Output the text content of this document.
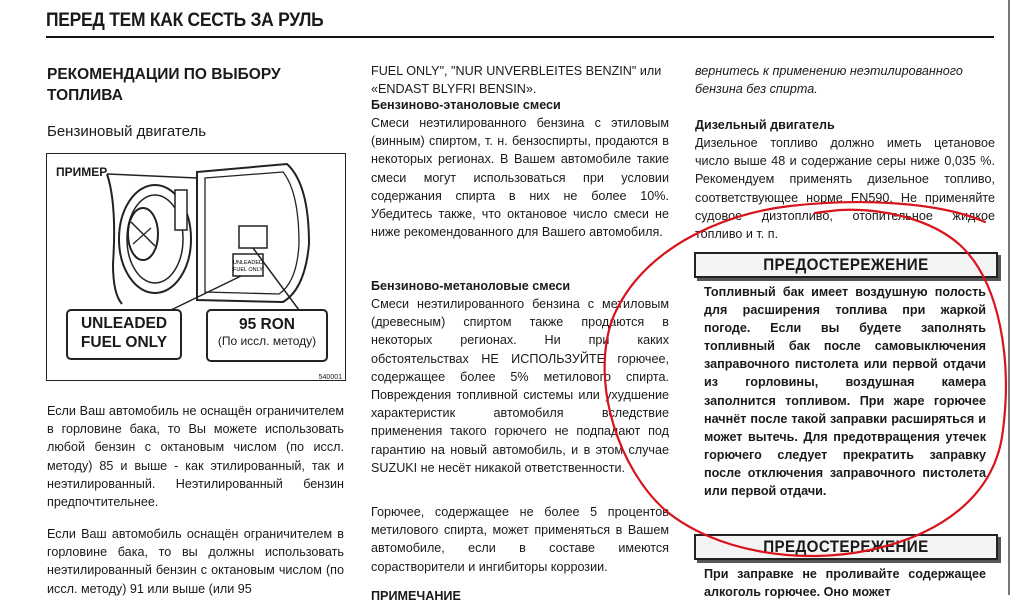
ПЕРЕД ТЕМ КАК СЕСТЬ ЗА РУЛЬ
РЕКОМЕНДАЦИИ ПО ВЫБОРУ
ТОПЛИВА
Бензиновый двигатель
ПРИМЕР
UNLEADED
FUEL ONLY
UNLEADED
FUEL ONLY
95 RON
(По иссл. методу)
540001
Если Ваш автомобиль не оснащён ограничителем в горловине бака, то Вы можете использовать любой бензин с октановым числом (по иссл. методу) 85 и выше - как этилированный, так и неэтилированный. Неэтилированный бензин предпочтительнее.
Если Ваш автомобиль оснащён ограничителем в горловине бака, то вы должны использовать неэтилированный бензин с октановым числом (по иссл. методу) 91 или выше (или 95
FUEL ONLY", "NUR UNVERBLEITES BENZIN" или «ENDAST BLYFRI BENSIN».
Бензиново-этаноловые смеси
Смеси неэтилированного бензина с этиловым (винным) спиртом, т. н. бензоспирты, продаются в некоторых регионах. В Вашем автомобиле такие смеси могут использоваться при условии содержания спирта в них не более 10%. Убедитесь также, что октановое число смеси не ниже рекомендованного для Вашего автомобиля.
Бензиново-метаноловые смеси
Смеси неэтилированного бензина с метиловым (древесным) спиртом также продаются в некоторых регионах. Ни при каких обстоятельствах НЕ ИСПОЛЬЗУЙТЕ горючее, содержащее более 5% метилового спирта. Повреждения топливной системы или ухудшение характеристик автомобиля вследствие применения такого горючего не подпадают под гарантию на новый автомобиль, и в этом случае SUZUKI не несёт никакой ответственности.
Горючее, содержащее не более 5 процентов метилового спирта, может применяться в Вашем автомобиле, если в составе имеются сорастворители и ингибиторы коррозии.
ПРИМЕЧАНИЕ
вернитесь к применению неэтилированного бензина без спирта.
Дизельный двигатель
Дизельное топливо должно иметь цетановое число выше 48 и содержание серы ниже 0,035 %. Рекомендуем применять дизельное топливо, соответствующее норме EN590. Не применяйте судовое дизтопливо, отопительное жидкое топливо и т. п.
ПРЕДОСТЕРЕЖЕНИЕ
Топливный бак имеет воздушную полость для расширения топлива при жаркой погоде. Если вы будете заполнять топливный бак после самовыключения заправочного пистолета или первой отдачи из горловины, воздушная камера заполнится топливом. При жаре горючее начнёт после такой заправки расширяться и может вытечь. Для предотвращения утечек горючего следует прекратить заправку после отключения заправочного пистолета или первой отдачи.
ПРЕДОСТЕРЕЖЕНИЕ
При заправке не проливайте содержащее алкоголь горючее. Оно может
